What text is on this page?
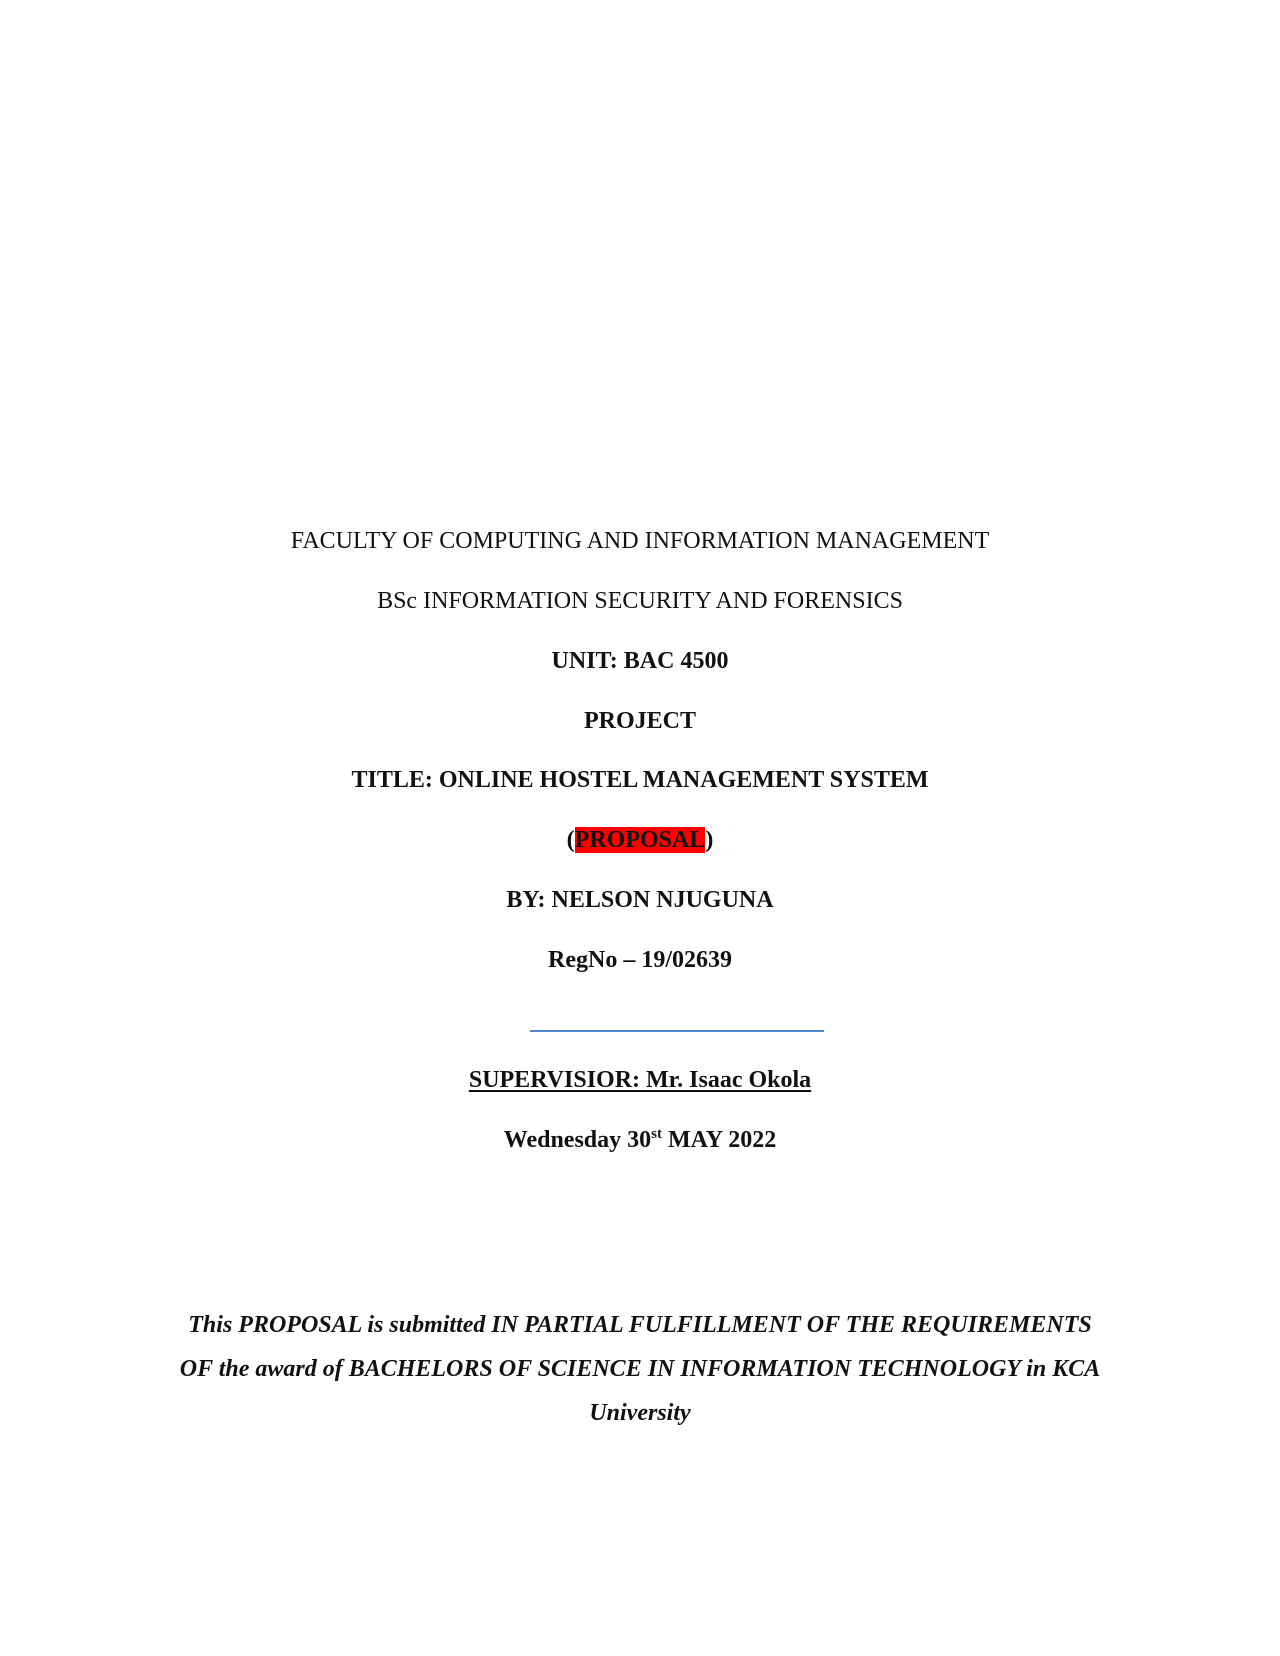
FACULTY OF COMPUTING AND INFORMATION MANAGEMENT
BSc INFORMATION SECURITY AND FORENSICS
UNIT: BAC 4500
PROJECT
TITLE: ONLINE HOSTEL MANAGEMENT SYSTEM
(PROPOSAL)
BY: NELSON NJUGUNA
RegNo – 19/02639
SUPERVISIOR: Mr. Isaac Okola
Wednesday 30st MAY 2022
This PROPOSAL is submitted IN PARTIAL FULFILLMENT OF THE REQUIREMENTS
OF the award of BACHELORS OF SCIENCE IN INFORMATION TECHNOLOGY in KCA
University
